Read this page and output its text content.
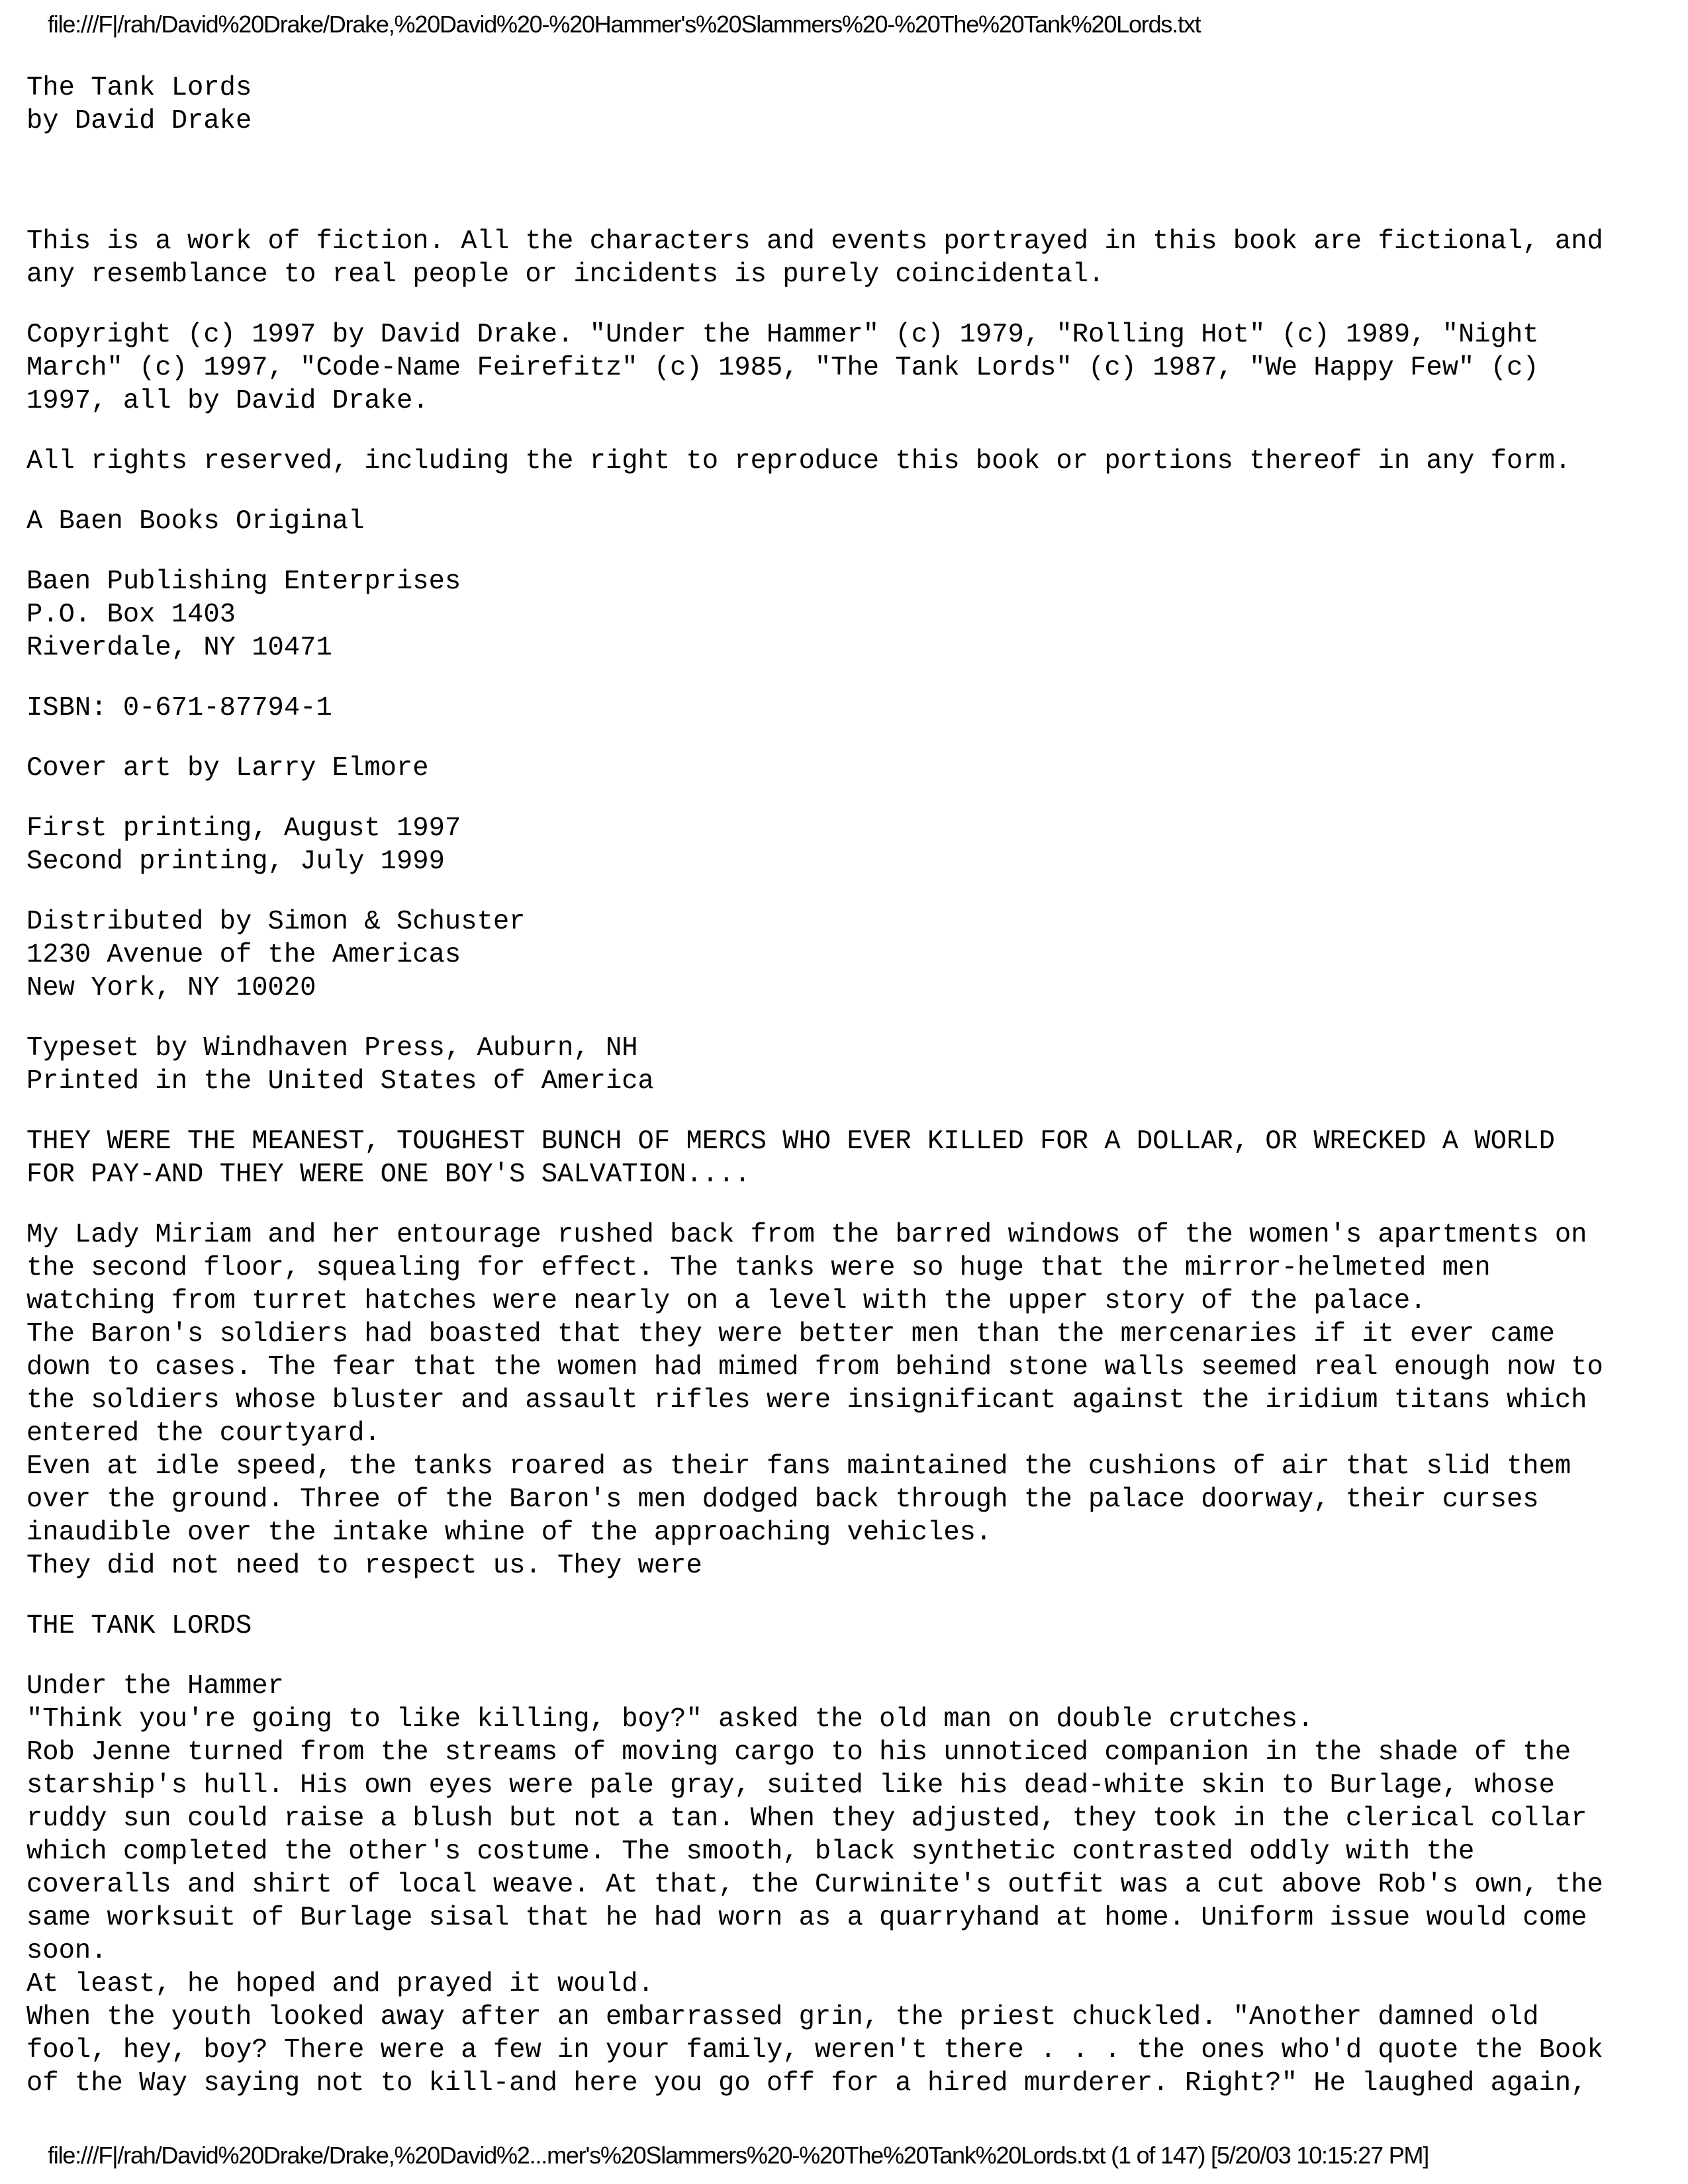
file:///F|/rah/David%20Drake/Drake,%20David%20-%20Hammer's%20Slammers%20-%20The%20Tank%20Lords.txt
The Tank Lords
by David Drake
This is a work of fiction. All the characters and events portrayed in this book are fictional, and
any resemblance to real people or incidents is purely coincidental.
Copyright (c) 1997 by David Drake. "Under the Hammer" (c) 1979, "Rolling Hot" (c) 1989, "Night
March" (c) 1997, "Code-Name Feirefitz" (c) 1985, "The Tank Lords" (c) 1987, "We Happy Few" (c)
1997, all by David Drake.
All rights reserved, including the right to reproduce this book or portions thereof in any form.
A Baen Books Original
Baen Publishing Enterprises
P.O. Box 1403
Riverdale, NY 10471
ISBN: 0-671-87794-1
Cover art by Larry Elmore
First printing, August 1997
Second printing, July 1999
Distributed by Simon & Schuster
1230 Avenue of the Americas
New York, NY 10020
Typeset by Windhaven Press, Auburn, NH
Printed in the United States of America
THEY WERE THE MEANEST, TOUGHEST BUNCH OF MERCS WHO EVER KILLED FOR A DOLLAR, OR WRECKED A WORLD
FOR PAY-AND THEY WERE ONE BOY'S SALVATION....
My Lady Miriam and her entourage rushed back from the barred windows of the women's apartments on
the second floor, squealing for effect. The tanks were so huge that the mirror-helmeted men
watching from turret hatches were nearly on a level with the upper story of the palace.
The Baron's soldiers had boasted that they were better men than the mercenaries if it ever came
down to cases. The fear that the women had mimed from behind stone walls seemed real enough now to
the soldiers whose bluster and assault rifles were insignificant against the iridium titans which
entered the courtyard.
Even at idle speed, the tanks roared as their fans maintained the cushions of air that slid them
over the ground. Three of the Baron's men dodged back through the palace doorway, their curses
inaudible over the intake whine of the approaching vehicles.
They did not need to respect us. They were
THE TANK LORDS
Under the Hammer
"Think you're going to like killing, boy?" asked the old man on double crutches.
Rob Jenne turned from the streams of moving cargo to his unnoticed companion in the shade of the
starship's hull. His own eyes were pale gray, suited like his dead-white skin to Burlage, whose
ruddy sun could raise a blush but not a tan. When they adjusted, they took in the clerical collar
which completed the other's costume. The smooth, black synthetic contrasted oddly with the
coveralls and shirt of local weave. At that, the Curwinite's outfit was a cut above Rob's own, the
same worksuit of Burlage sisal that he had worn as a quarryhand at home. Uniform issue would come
soon.
At least, he hoped and prayed it would.
When the youth looked away after an embarrassed grin, the priest chuckled. "Another damned old
fool, hey, boy? There were a few in your family, weren't there . . . the ones who'd quote the Book
of the Way saying not to kill-and here you go off for a hired murderer. Right?" He laughed again,
file:///F|/rah/David%20Drake/Drake,%20David%2...mer's%20Slammers%20-%20The%20Tank%20Lords.txt (1 of 147) [5/20/03 10:15:27 PM]
